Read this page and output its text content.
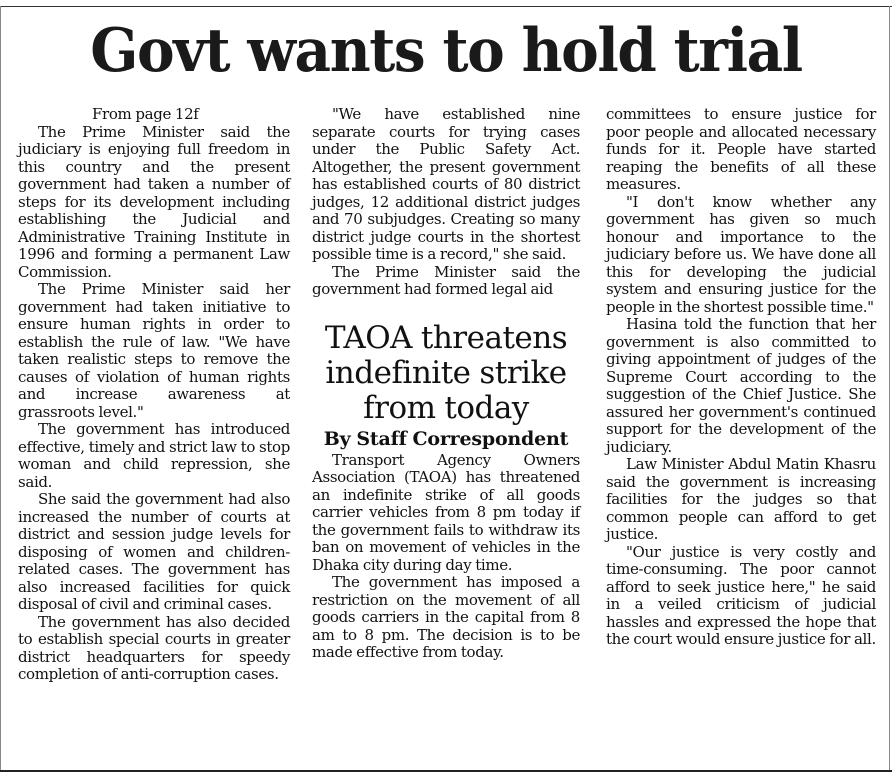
Govt wants to hold trial

From page 12f

The Prime Minister said the judiciary is enjoying full freedom in this country and the present government had taken a number of steps for its development including establishing the Judicial and Administrative Training Institute in 1996 and forming a permanent Law Commission.

The Prime Minister said her government had taken initiative to ensure human rights in order to establish the rule of law. "We have taken realistic steps to remove the causes of violation of human rights and increase awareness at grassroots level."

The government has introduced effective, timely and strict law to stop woman and child repression, she said.

She said the government had also increased the number of courts at district and session judge levels for disposing of women and children-related cases. The government has also increased facilities for quick disposal of civil and criminal cases.

The government has also decided to establish special courts in greater district headquarters for speedy completion of anti-corruption cases.

"We have established nine separate courts for trying cases under the Public Safety Act. Altogether, the present government has established courts of 80 district judges, 12 additional district judges and 70 subjudges. Creating so many district judge courts in the shortest possible time is a record," she said.

The Prime Minister said the government had formed legal aid

TAOA threatens indefinite strike from today
By Staff Correspondent

Transport Agency Owners Association (TAOA) has threatened an indefinite strike of all goods carrier vehicles from 8 pm today if the government fails to withdraw its ban on movement of vehicles in the Dhaka city during day time.

The government has imposed a restriction on the movement of all goods carriers in the capital from 8 am to 8 pm. The decision is to be made effective from today.

committees to ensure justice for poor people and allocated necessary funds for it. People have started reaping the benefits of all these measures.

"I don't know whether any government has given so much honour and importance to the judiciary before us. We have done all this for developing the judicial system and ensuring justice for the people in the shortest possible time."

Hasina told the function that her government is also committed to giving appointment of judges of the Supreme Court according to the suggestion of the Chief Justice. She assured her government's continued support for the development of the judiciary.

Law Minister Abdul Matin Khasru said the government is increasing facilities for the judges so that common people can afford to get justice.

"Our justice is very costly and time-consuming. The poor cannot afford to seek justice here," he said in a veiled criticism of judicial hassles and expressed the hope that the court would ensure justice for all.
